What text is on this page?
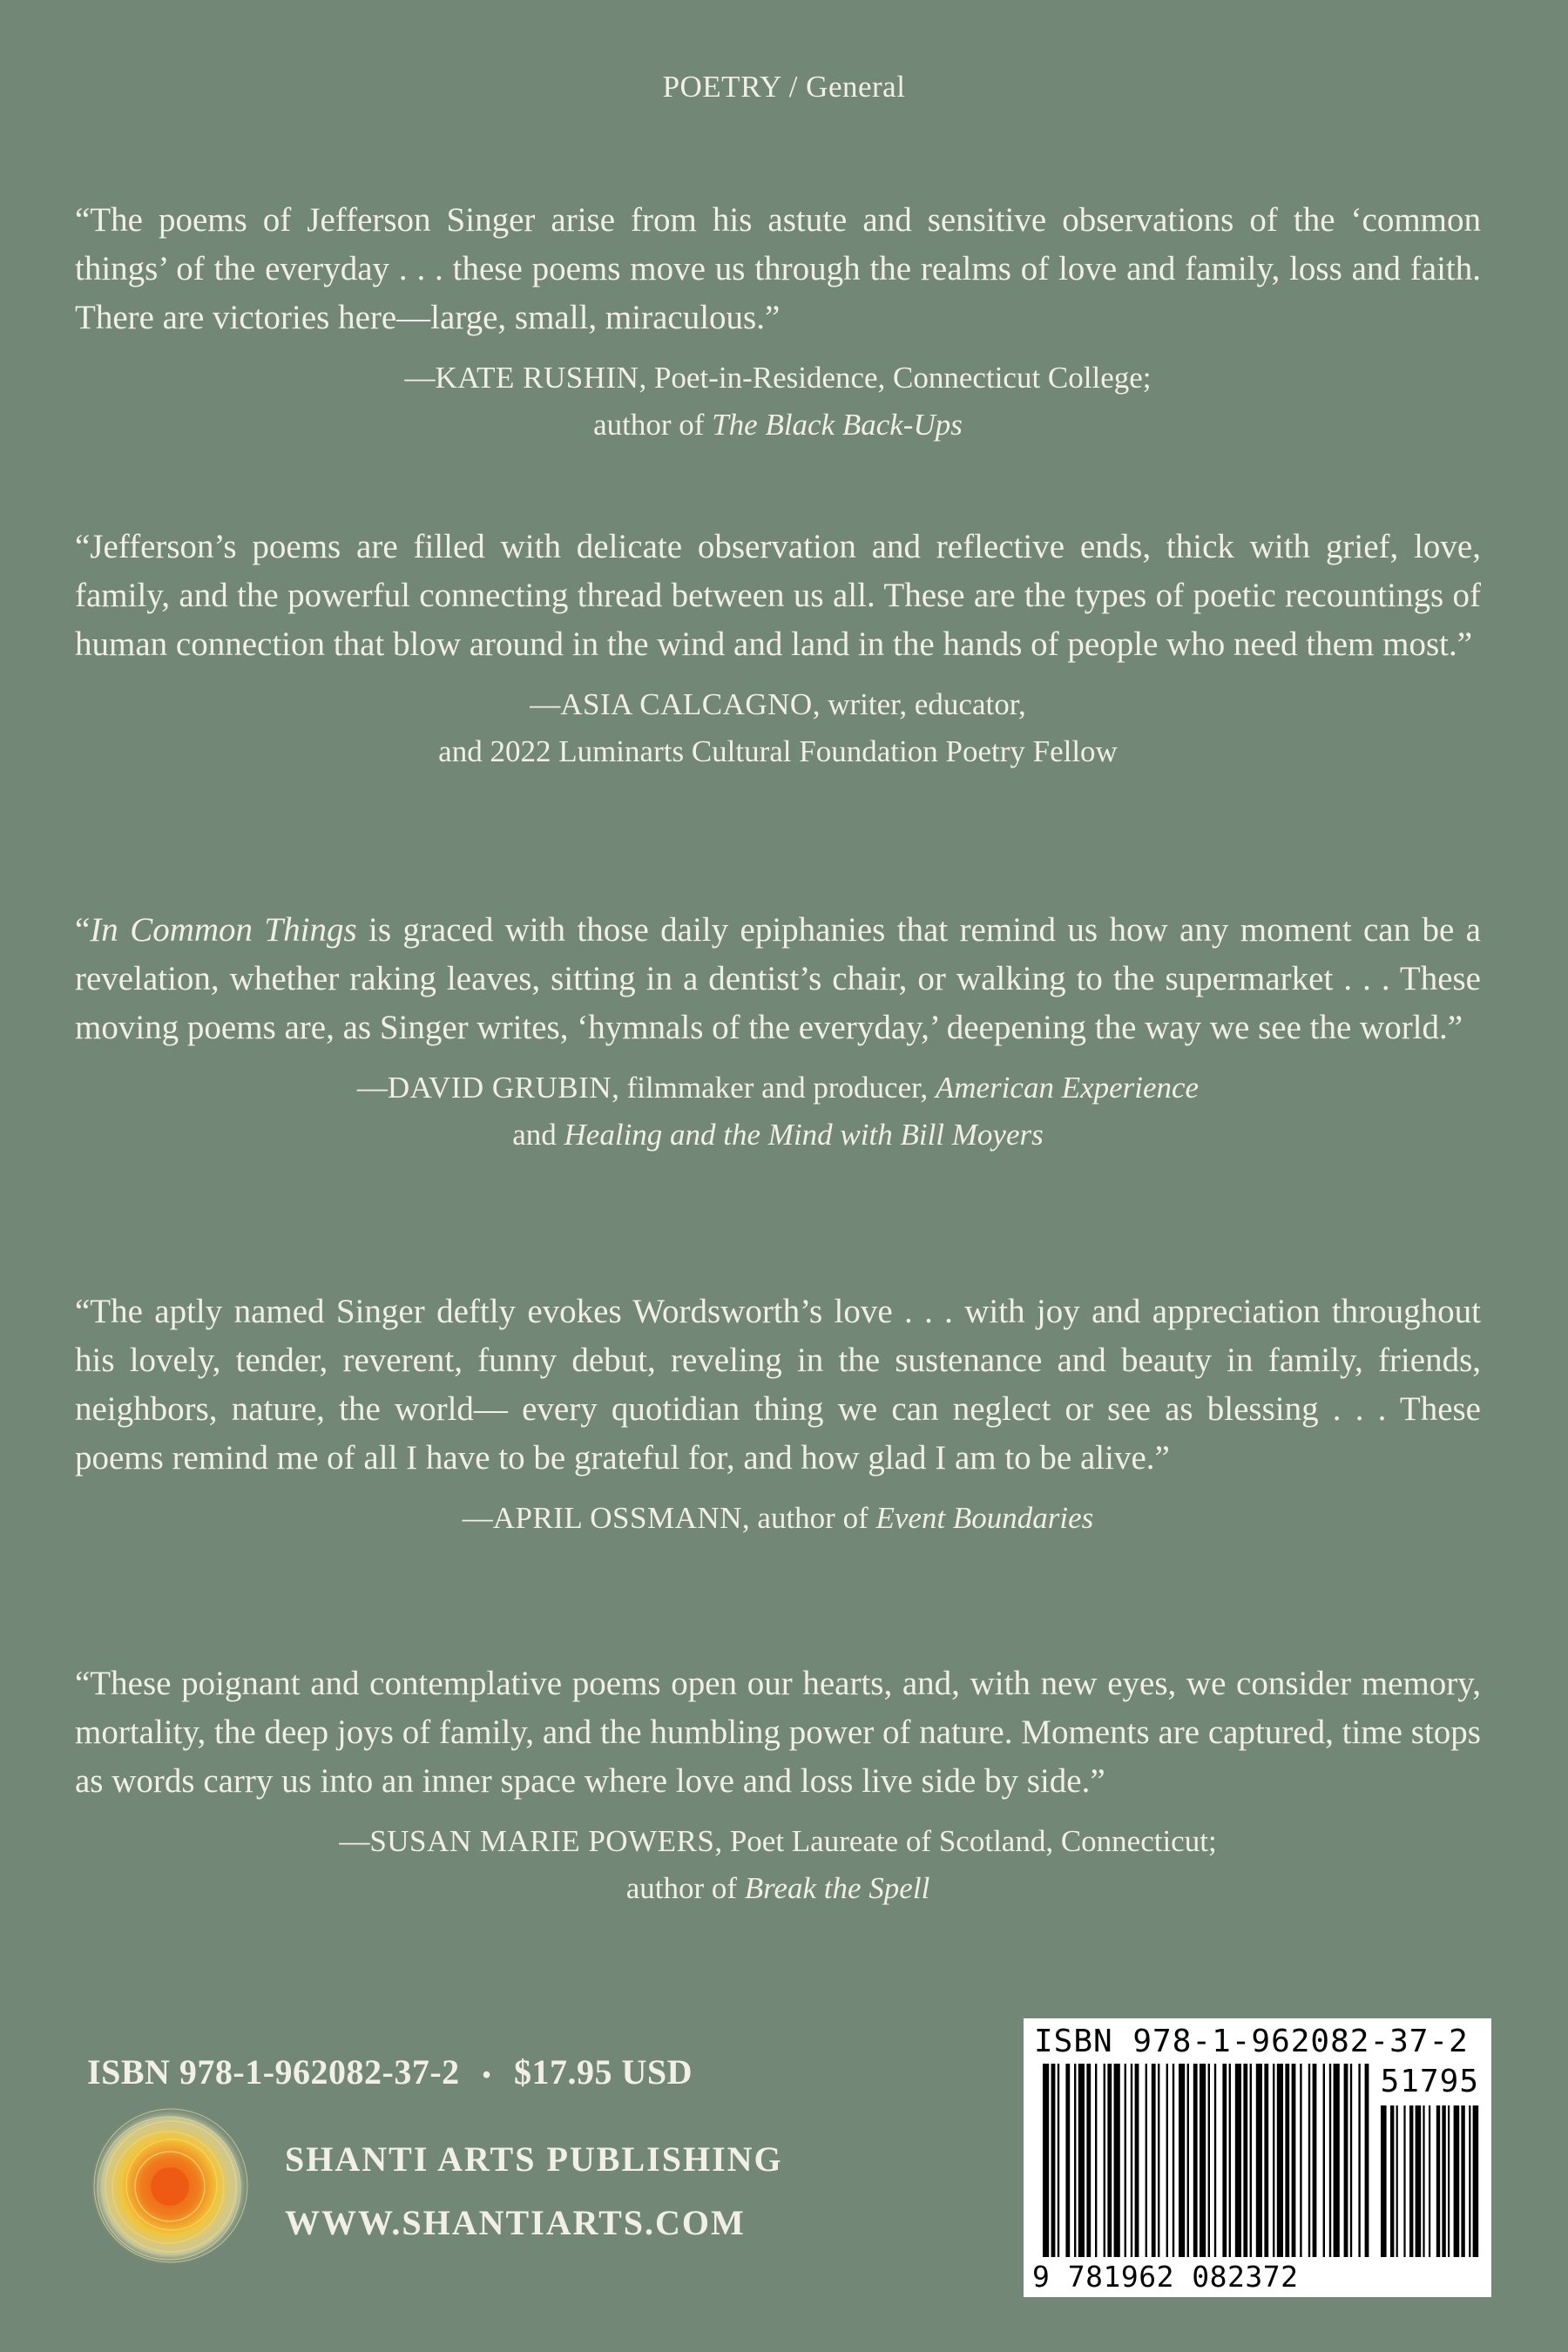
POETRY / General

“The poems of Jefferson Singer arise from his astute and sensitive observations of the ‘common things’ of the everyday . . . these poems move us through the realms of love and family, loss and faith. There are victories here—large, small, miraculous.”

—KATE RUSHIN, Poet-in-Residence, Connecticut College;
author of The Black Back-Ups

“Jefferson’s poems are filled with delicate observation and reflective ends, thick with grief, love, family, and the powerful connecting thread between us all. These are the types of poetic recountings of human connection that blow around in the wind and land in the hands of people who need them most.”

—ASIA CALCAGNO, writer, educator,
and 2022 Luminarts Cultural Foundation Poetry Fellow

“In Common Things is graced with those daily epiphanies that remind us how any moment can be a revelation, whether raking leaves, sitting in a dentist’s chair, or walking to the supermarket . . . These moving poems are, as Singer writes, ‘hymnals of the everyday,’ deepening the way we see the world.”

—DAVID GRUBIN, filmmaker and producer, American Experience
and Healing and the Mind with Bill Moyers

“The aptly named Singer deftly evokes Wordsworth’s love . . . with joy and appreciation throughout his lovely, tender, reverent, funny debut, reveling in the sustenance and beauty in family, friends, neighbors, nature, the world— every quotidian thing we can neglect or see as blessing . . . These poems remind me of all I have to be grateful for, and how glad I am to be alive.”

—APRIL OSSMANN, author of Event Boundaries

“These poignant and contemplative poems open our hearts, and, with new eyes, we consider memory, mortality, the deep joys of family, and the humbling power of nature. Moments are captured, time stops as words carry us into an inner space where love and loss live side by side.”

—SUSAN MARIE POWERS, Poet Laureate of Scotland, Connecticut;
author of Break the Spell

ISBN 978-1-962082-37-2 • $17.95 USD
SHANTI ARTS PUBLISHING
WWW.SHANTIARTS.COM
ISBN 978-1-962082-37-2
51795
9 781962 082372
